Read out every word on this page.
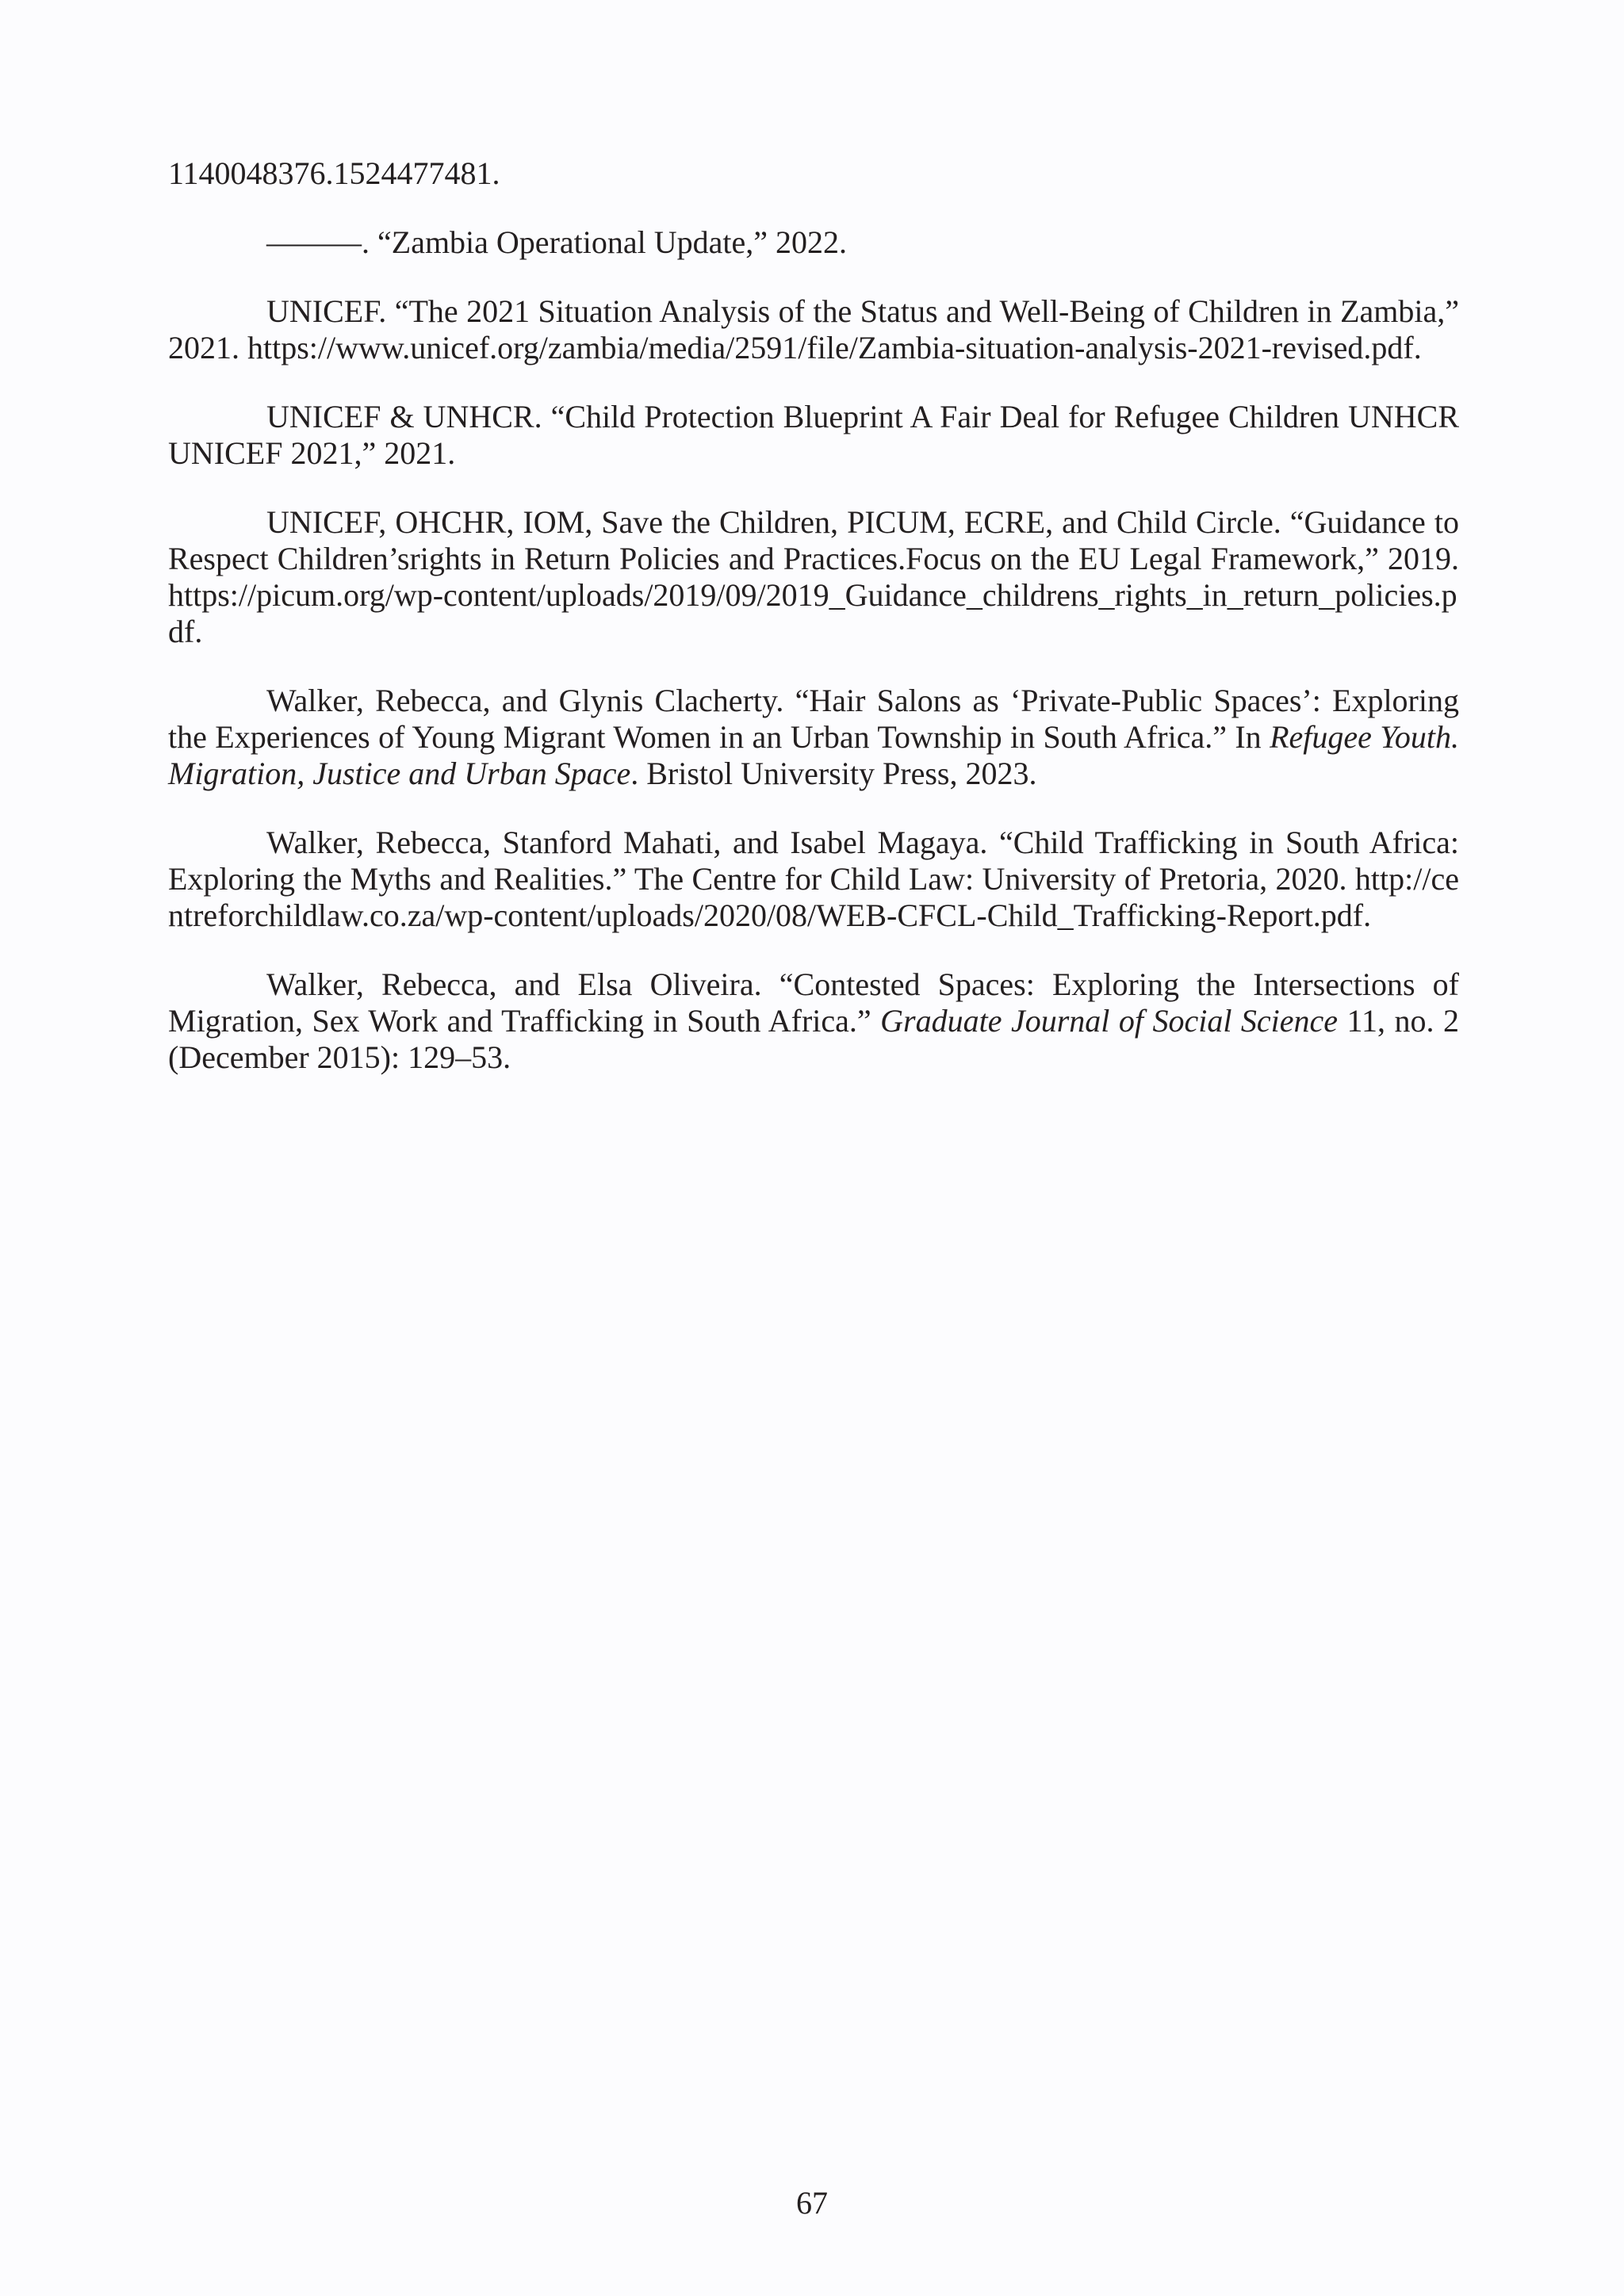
1140048376.1524477481.

———. “Zambia Operational Update,” 2022.

UNICEF. “The 2021 Situation Analysis of the Status and Well-Being of Children in Zambia,” 2021. https://www.unicef.org/zambia/media/2591/file/Zambia-situation-analysis-2021-revised.pdf.

UNICEF & UNHCR. “Child Protection Blueprint A Fair Deal for Refugee Children UNHCR UNICEF 2021,” 2021.

UNICEF, OHCHR, IOM, Save the Children, PICUM, ECRE, and Child Circle. “Guidance to Respect Children’srights in Return Policies and Practices.Focus on the EU Legal Framework,” 2019. https://picum.org/wp-content/uploads/2019/09/2019_Guidance_childrens_rights_in_return_policies.pdf.

Walker, Rebecca, and Glynis Clacherty. “Hair Salons as ‘Private-Public Spaces’: Exploring the Experiences of Young Migrant Women in an Urban Township in South Africa.” In Refugee Youth. Migration, Justice and Urban Space. Bristol University Press, 2023.

Walker, Rebecca, Stanford Mahati, and Isabel Magaya. “Child Trafficking in South Africa: Exploring the Myths and Realities.” The Centre for Child Law: University of Pretoria, 2020. http://centreforchildlaw.co.za/wp-content/uploads/2020/08/WEB-CFCL-Child_Trafficking-Report.pdf.

Walker, Rebecca, and Elsa Oliveira. “Contested Spaces: Exploring the Intersections of Migration, Sex Work and Trafficking in South Africa.” Graduate Journal of Social Science 11, no. 2 (December 2015): 129–53.

67
